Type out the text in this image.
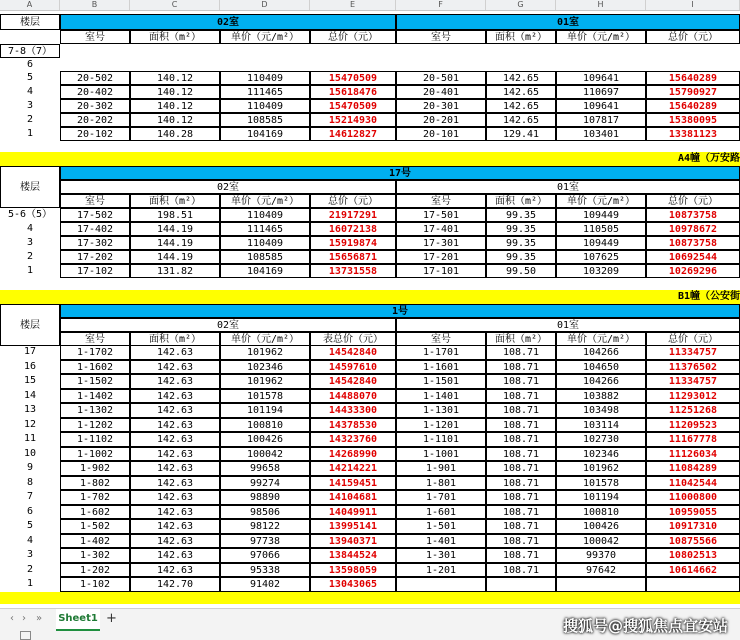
A	B	C	D	E	F	G	H	I
楼层	02室	01室
室号	面积（m²）	单价（元/m²）	总价（元）	室号	面积（m²）	单价（元/m²）	总价（元）
7-8（7）
6
5	20-502	140.12	110409	15470509	20-501	142.65	109641	15640289
4	20-402	140.12	111465	15618476	20-401	142.65	110697	15790927
3	20-302	140.12	110409	15470509	20-301	142.65	109641	15640289
2	20-202	140.12	108585	15214930	20-201	142.65	107817	15380095
1	20-102	140.28	104169	14612827	20-101	129.41	103401	13381123
A4幢（万安路
17号
02室	01室
楼层
室号	面积（m²）	单价（元/m²）	总价（元）	室号	面积（m²）	单价（元/m²）	总价（元）
5-6（5）	17-502	198.51	110409	21917291	17-501	99.35	109449	10873758
4	17-402	144.19	111465	16072138	17-401	99.35	110505	10978672
3	17-302	144.19	110409	15919874	17-301	99.35	109449	10873758
2	17-202	144.19	108585	15656871	17-201	99.35	107625	10692544
1	17-102	131.82	104169	13731558	17-101	99.50	103209	10269296
B1幢（公安街
1号
02室	01室
楼层
室号	面积（m²）	单价（元/m²）	表总价（元）	室号	面积（m²）	单价（元/m²）	总价（元）
17	1-1702	142.63	101962	14542840	1-1701	108.71	104266	11334757
16	1-1602	142.63	102346	14597610	1-1601	108.71	104650	11376502
15	1-1502	142.63	101962	14542840	1-1501	108.71	104266	11334757
14	1-1402	142.63	101578	14488070	1-1401	108.71	103882	11293012
13	1-1302	142.63	101194	14433300	1-1301	108.71	103498	11251268
12	1-1202	142.63	100810	14378530	1-1201	108.71	103114	11209523
11	1-1102	142.63	100426	14323760	1-1101	108.71	102730	11167778
10	1-1002	142.63	100042	14268990	1-1001	108.71	102346	11126034
9	1-902	142.63	99658	14214221	1-901	108.71	101962	11084289
8	1-802	142.63	99274	14159451	1-801	108.71	101578	11042544
7	1-702	142.63	98890	14104681	1-701	108.71	101194	11000800
6	1-602	142.63	98506	14049911	1-601	108.71	100810	10959055
5	1-502	142.63	98122	13995141	1-501	108.71	100426	10917310
4	1-402	142.63	97738	13940371	1-401	108.71	100042	10875566
3	1-302	142.63	97066	13844524	1-301	108.71	99370	10802513
2	1-202	142.63	95338	13598059	1-201	108.71	97642	10614662
1	1-102	142.70	91402	13043065
‹ › » Sheet1 +	搜狐号@搜狐焦点宜安站
